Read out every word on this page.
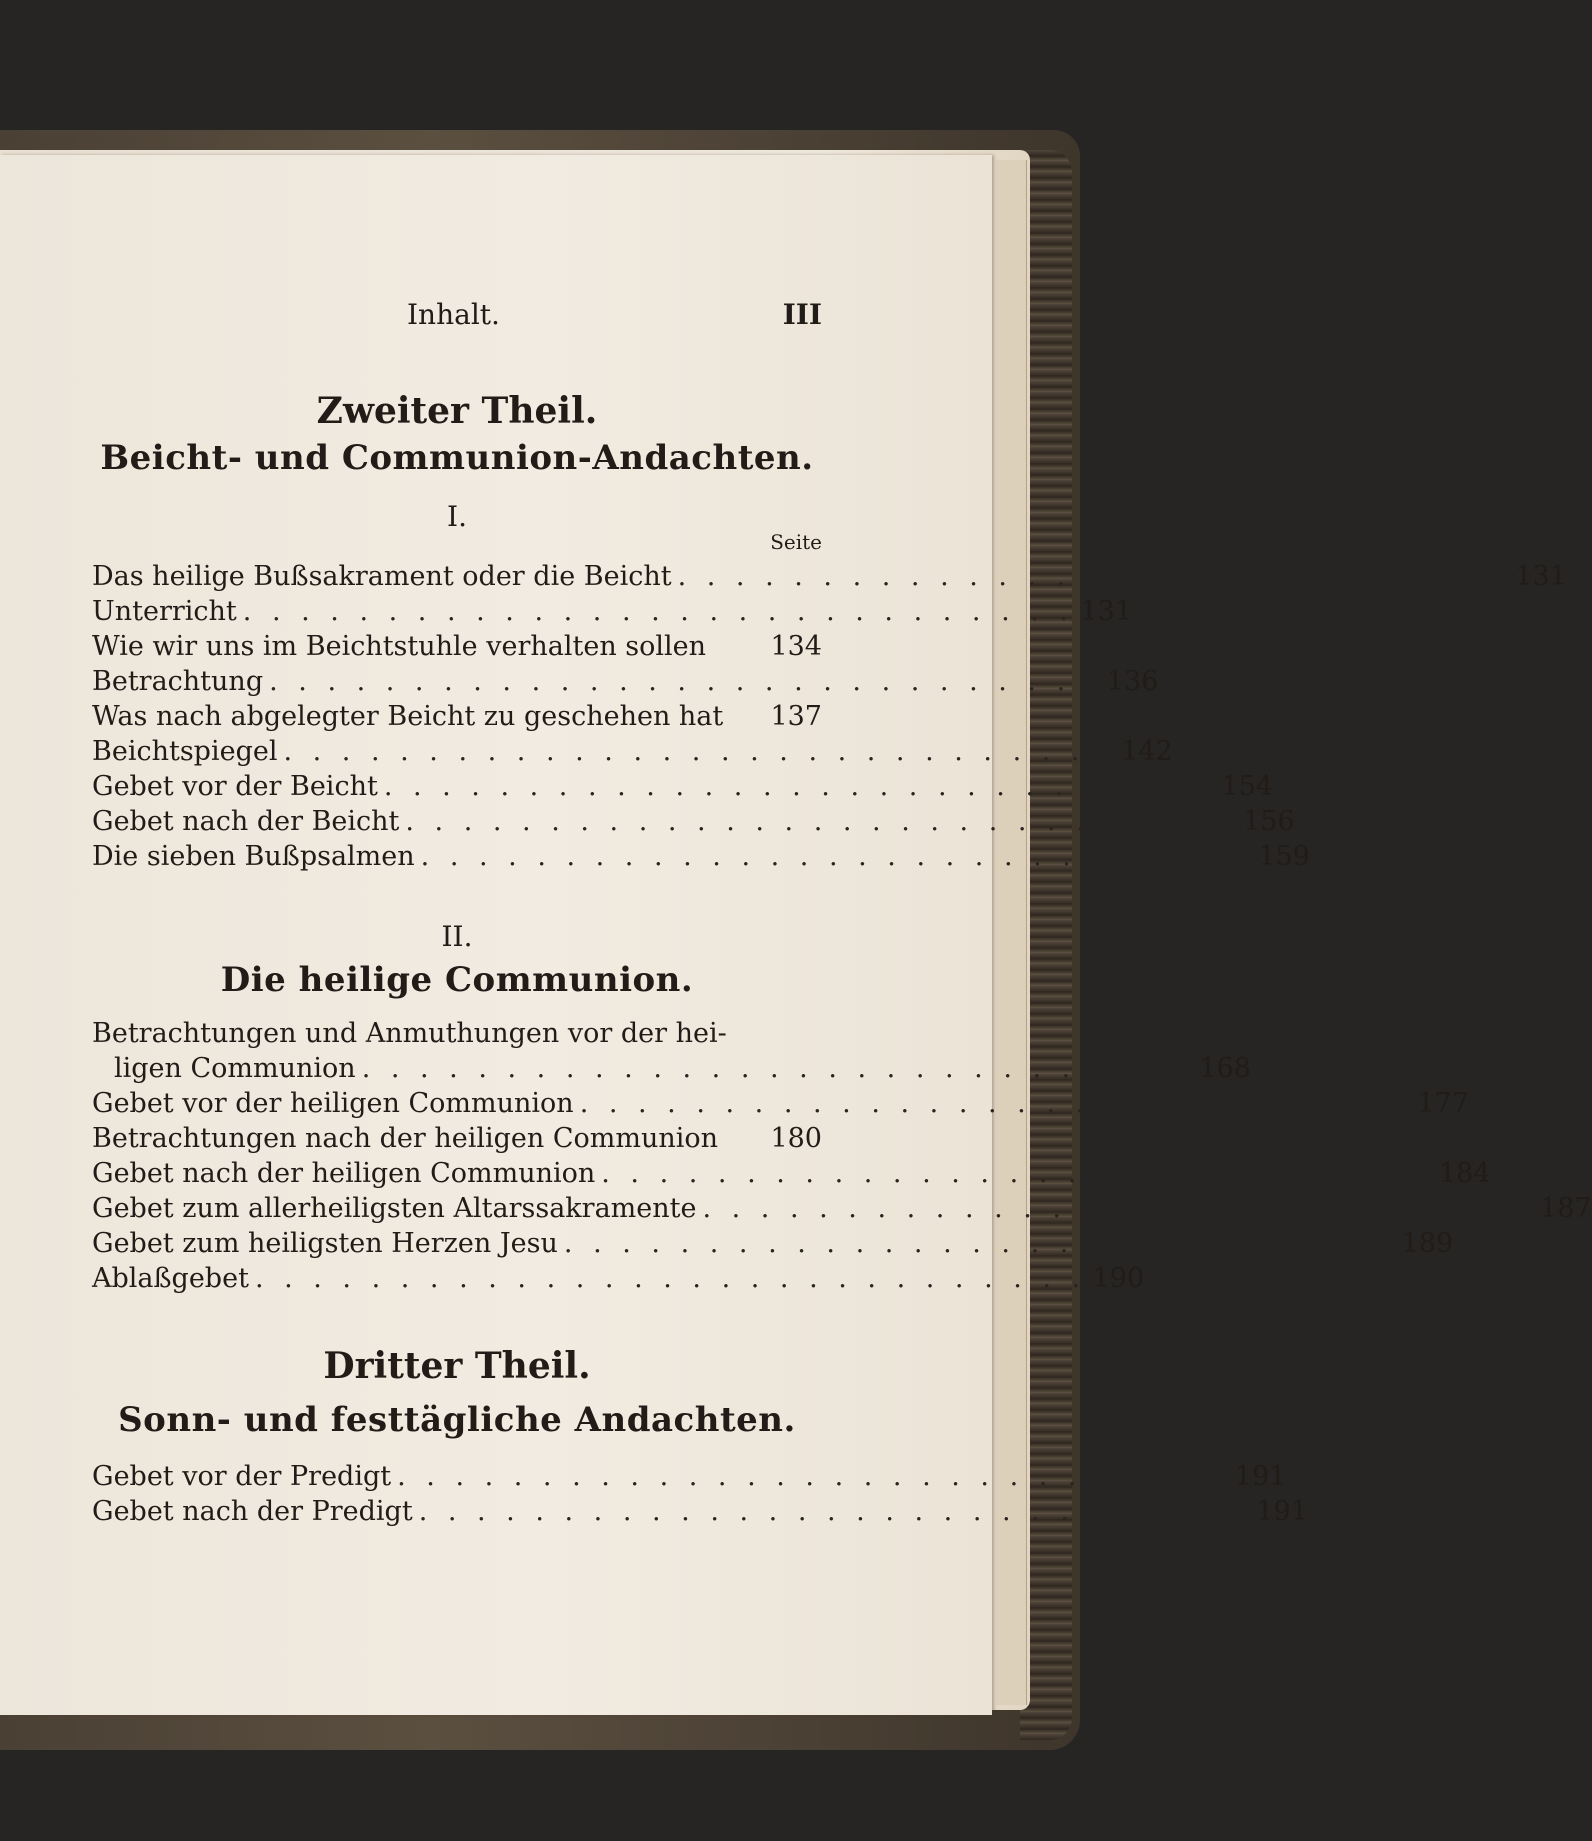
Inhalt.	III
Zweiter Theil.
Beicht- und Communion-Andachten.
I.
Seite
Das heilige Bußsakrament oder die Beicht . . . . . . . . . . . . . . . . . . . . . . . . . . . . . 131
Unterricht . . . . . . . . . . . . . . . . . . . . . . . . . . . . . 131
Wie wir uns im Beichtstuhle verhalten sollen 134
Betrachtung . . . . . . . . . . . . . . . . . . . . . . . . . . . . . 136
Was nach abgelegter Beicht zu geschehen hat 137
Beichtspiegel . . . . . . . . . . . . . . . . . . . . . . . . . . . . . 142
Gebet vor der Beicht . . . . . . . . . . . . . . . . . . . . . . . . . . . . . 154
Gebet nach der Beicht . . . . . . . . . . . . . . . . . . . . . . . . . . . . . 156
Die sieben Bußpsalmen . . . . . . . . . . . . . . . . . . . . . . . . . . . . . 159
II.
Die heilige Communion.
Betrachtungen und Anmuthungen vor der hei-
ligen Communion . . . . . . . . . . . . . . . . . . . . . . . . . . . . . 168
Gebet vor der heiligen Communion . . . . . . . . . . . . . . . . . . . . . . . . . . . . . 177
Betrachtungen nach der heiligen Communion 180
Gebet nach der heiligen Communion . . . . . . . . . . . . . . . . . . . . . . . . . . . . . 184
Gebet zum allerheiligsten Altarssakramente . . . . . . . . . . . . . . . . . . . . . . . . . . . . . 187
Gebet zum heiligsten Herzen Jesu . . . . . . . . . . . . . . . . . . . . . . . . . . . . . 189
Ablaßgebet . . . . . . . . . . . . . . . . . . . . . . . . . . . . . 190
Dritter Theil.
Sonn- und festtägliche Andachten.
Gebet vor der Predigt . . . . . . . . . . . . . . . . . . . . . . . . . . . . . 191
Gebet nach der Predigt . . . . . . . . . . . . . . . . . . . . . . . . . . . . . 191
